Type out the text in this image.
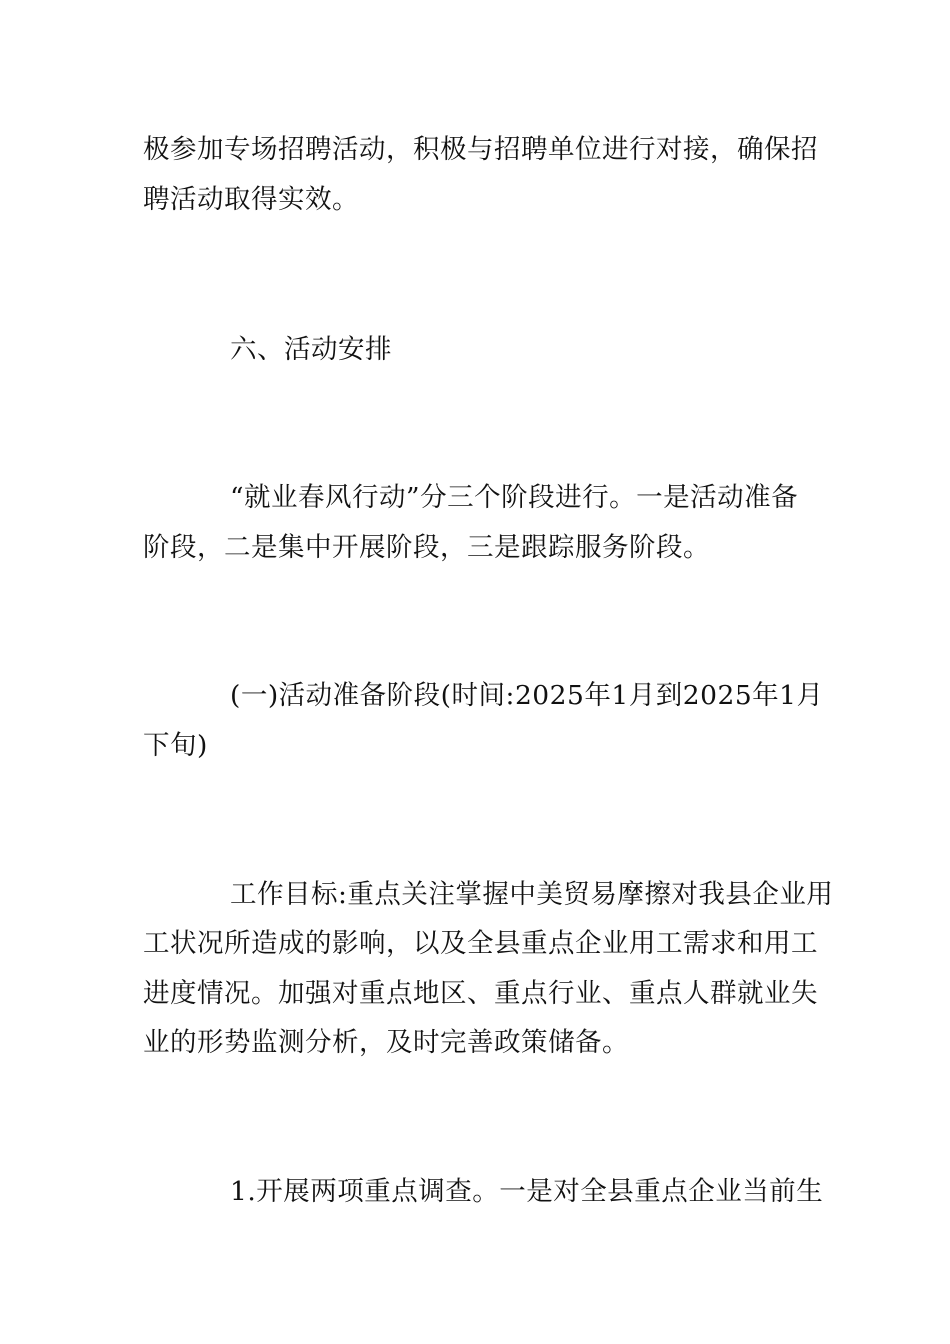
极参加专场招聘活动，积极与招聘单位进行对接，确保招
聘活动取得实效。
六、活动安排
“就业春风行动”分三个阶段进行。一是活动准备
阶段，二是集中开展阶段，三是跟踪服务阶段。
(一)活动准备阶段(时间:2025年1月到2025年1月
下旬)
工作目标:重点关注掌握中美贸易摩擦对我县企业用
工状况所造成的影响，以及全县重点企业用工需求和用工
进度情况。加强对重点地区、重点行业、重点人群就业失
业的形势监测分析，及时完善政策储备。
1.开展两项重点调查。一是对全县重点企业当前生
